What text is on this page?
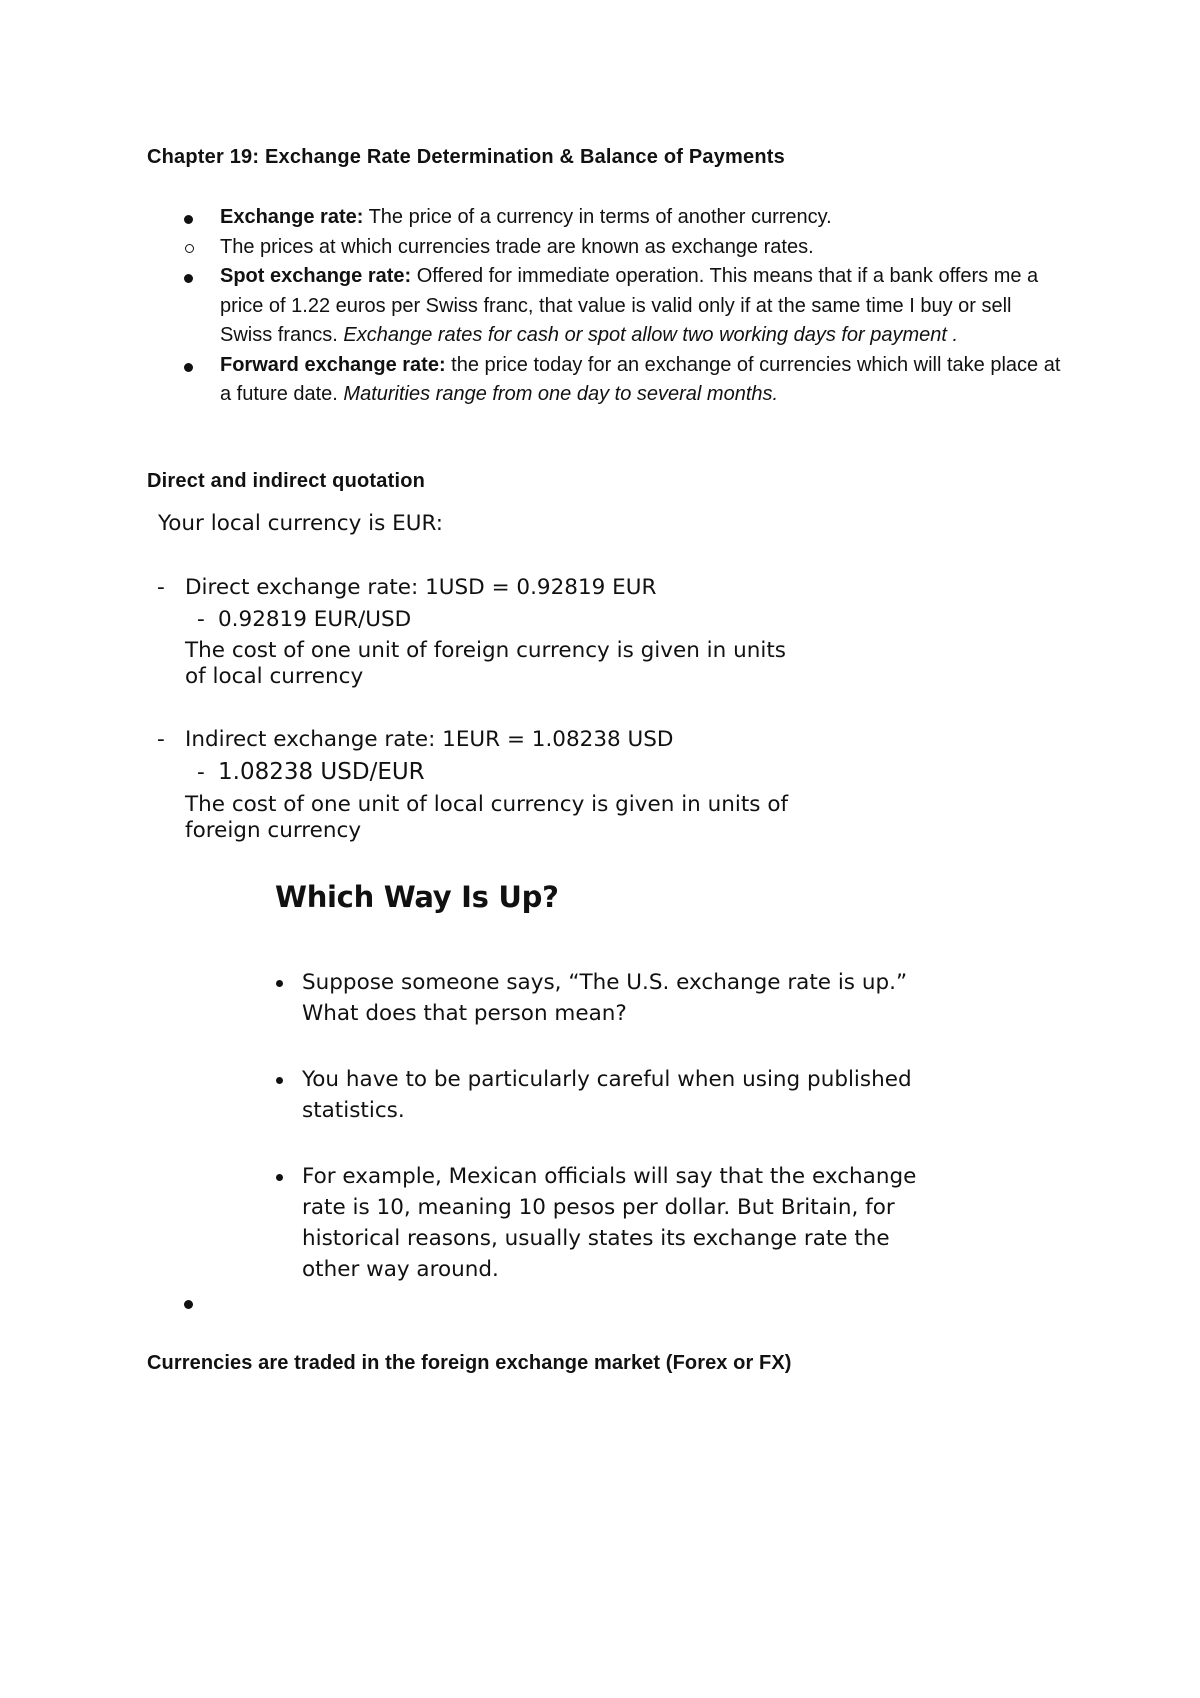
Chapter 19: Exchange Rate Determination & Balance of Payments
Exchange rate: The price of a currency in terms of another currency.
The prices at which currencies trade are known as exchange rates.
Spot exchange rate: Offered for immediate operation. This means that if a bank offers me a price of 1.22 euros per Swiss franc, that value is valid only if at the same time I buy or sell Swiss francs. Exchange rates for cash or spot allow two working days for payment .
Forward exchange rate: the price today for an exchange of currencies which will take place at a future date. Maturities range from one day to several months.
Direct and indirect quotation
Your local currency is EUR:
- Direct exchange rate: 1USD = 0.92819 EUR
- 0.92819 EUR/USD
The cost of one unit of foreign currency is given in units
of local currency
- Indirect exchange rate: 1EUR = 1.08238 USD
- 1.08238 USD/EUR
The cost of one unit of local currency is given in units of
foreign currency
Which Way Is Up?
Suppose someone says, “The U.S. exchange rate is up.” What does that person mean?
You have to be particularly careful when using published statistics.
For example, Mexican officials will say that the exchange rate is 10, meaning 10 pesos per dollar. But Britain, for historical reasons, usually states its exchange rate the other way around.
Currencies are traded in the foreign exchange market (Forex or FX)
